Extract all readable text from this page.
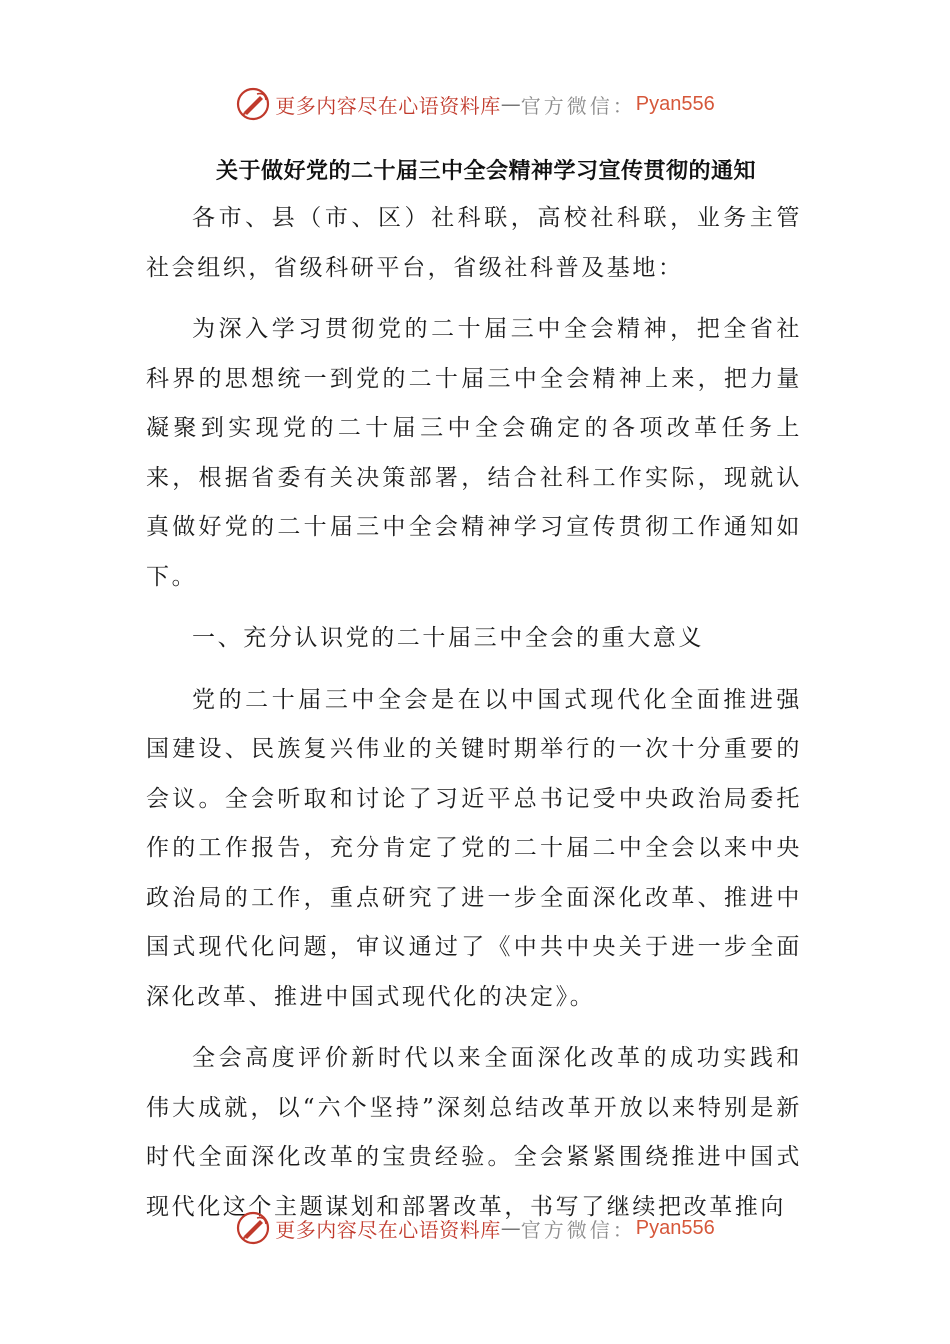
更多内容尽在心语资料库 — 官方微信： Pyan556
关于做好党的二十届三中全会精神学习宣传贯彻的通知

各市、县（市、区）社科联，高校社科联，业务主管社会组织，省级科研平台，省级社科普及基地：

为深入学习贯彻党的二十届三中全会精神，把全省社科界的思想统一到党的二十届三中全会精神上来，把力量凝聚到实现党的二十届三中全会确定的各项改革任务上来，根据省委有关决策部署，结合社科工作实际，现就认真做好党的二十届三中全会精神学习宣传贯彻工作通知如下。

一、充分认识党的二十届三中全会的重大意义

党的二十届三中全会是在以中国式现代化全面推进强国建设、民族复兴伟业的关键时期举行的一次十分重要的会议。全会听取和讨论了习近平总书记受中央政治局委托作的工作报告，充分肯定了党的二十届二中全会以来中央政治局的工作，重点研究了进一步全面深化改革、推进中国式现代化问题，审议通过了《中共中央关于进一步全面深化改革、推进中国式现代化的决定》。

全会高度评价新时代以来全面深化改革的成功实践和伟大成就，以“六个坚持”深刻总结改革开放以来特别是新时代全面深化改革的宝贵经验。全会紧紧围绕推进中国式现代化这个主题谋划和部署改革，书写了继续把改革推向

更多内容尽在心语资料库 — 官方微信： Pyan556
